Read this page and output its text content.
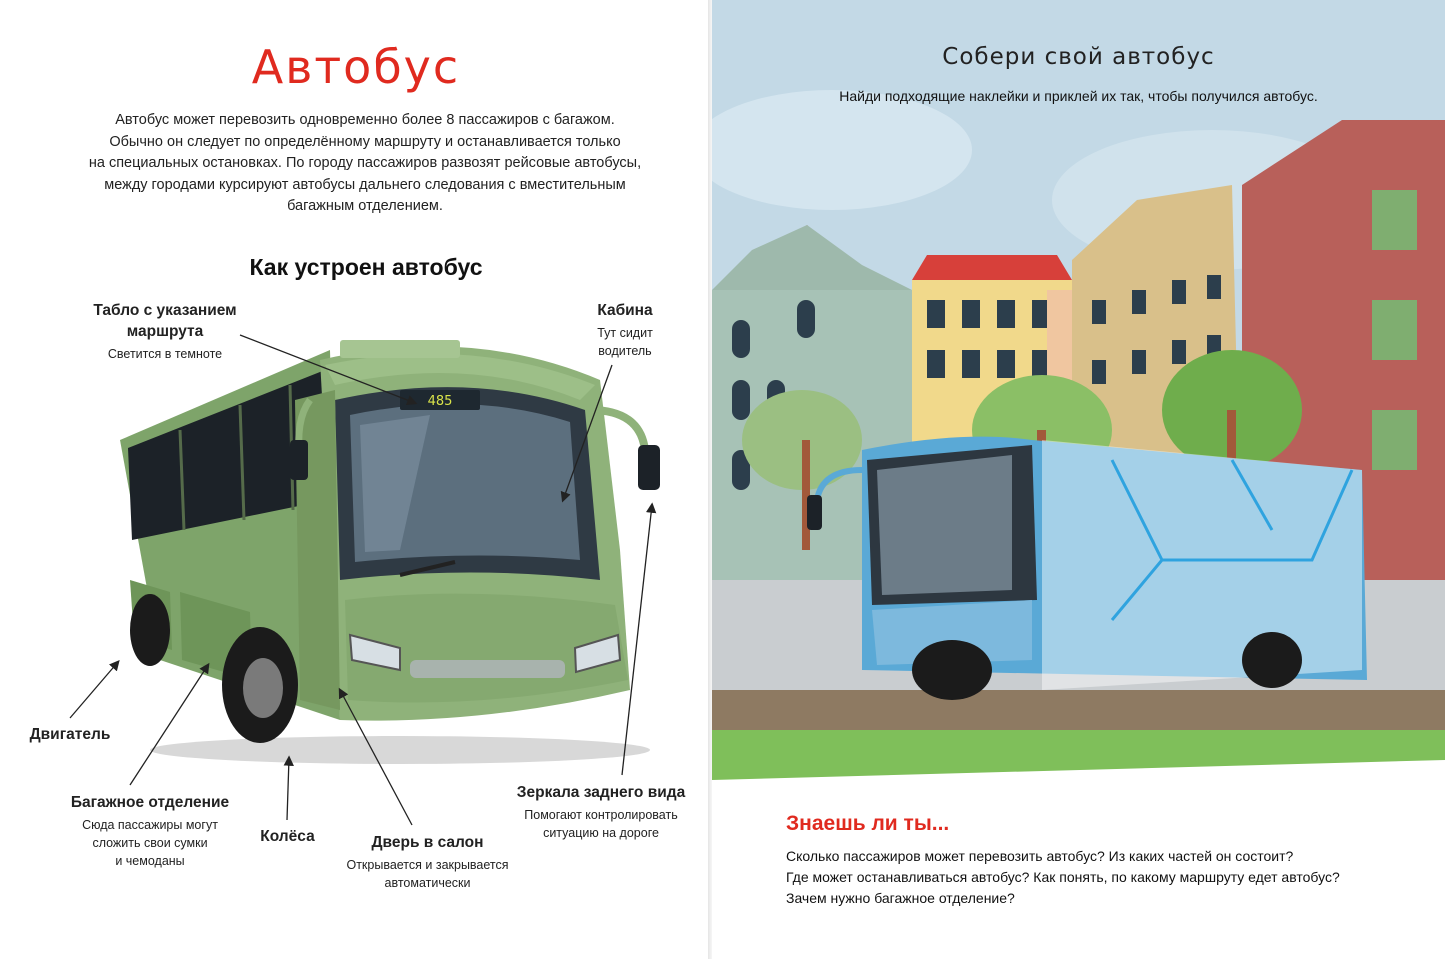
Автобус
Автобус может перевозить одновременно более 8 пассажиров с багажом.
Обычно он следует по определённому маршруту и останавливается только
на специальных остановках. По городу пассажиров развозят рейсовые автобусы,
между городами курсируют автобусы дальнего следования с вместительным
багажным отделением.
Как устроен автобус
485
Табло с указанием
маршрута
Светится в темноте
Кабина
Тут сидит
водитель
Двигатель
Багажное отделение
Сюда пассажиры могут
сложить свои сумки
и чемоданы
Колёса	Дверь в салон
Открывается и закрывается
автоматически
Зеркала заднего вида
Помогают контролировать
ситуацию на дороге
Собери свой автобус
Найди подходящие наклейки и приклей их так, чтобы получился автобус.
Знаешь ли ты...
Сколько пассажиров может перевозить автобус? Из каких частей он состоит?
Где может останавливаться автобус? Как понять, по какому маршруту едет автобус?
Зачем нужно багажное отделение?
